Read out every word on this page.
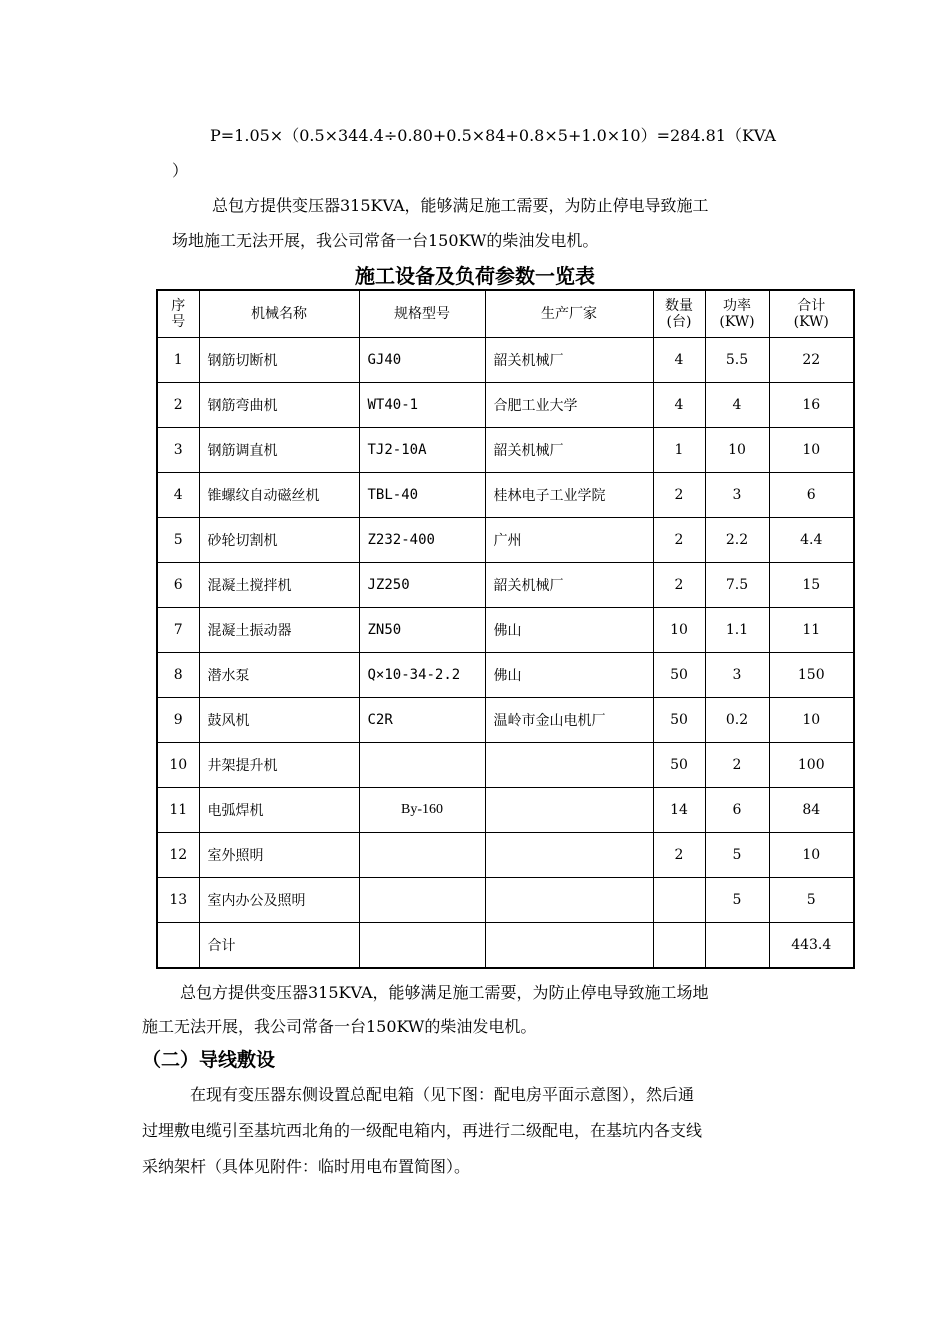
P=1.05×（0.5×344.4÷0.80+0.5×84+0.8×5+1.0×10）=284.81（KVA
）
总包方提供变压器315KVA，能够满足施工需要，为防止停电导致施工
场地施工无法开展，我公司常备一台150KW的柴油发电机。
施工设备及负荷参数一览表
序号	机械名称	规格型号	生产厂家	数量(台)	功率(KW)	合计(KW)
1	钢筋切断机	GJ40	韶关机械厂	4	5.5	22
2	钢筋弯曲机	WT40-1	合肥工业大学	4	4	16
3	钢筋调直机	TJ2-10A	韶关机械厂	1	10	10
4	锥螺纹自动磁丝机	TBL-40	桂林电子工业学院	2	3	6
5	砂轮切割机	Z232-400	广州	2	2.2	4.4
6	混凝土搅拌机	JZ250	韶关机械厂	2	7.5	15
7	混凝土振动器	ZN50	佛山	10	1.1	11
8	潜水泵	Q×10-34-2.2	佛山	50	3	150
9	鼓风机	C2R	温岭市金山电机厂	50	0.2	10
10	井架提升机			50	2	100
11	电弧焊机	By-160		14	6	84
12	室外照明			2	5	10
13	室内办公及照明				5	5
	合计					443.4
总包方提供变压器315KVA，能够满足施工需要，为防止停电导致施工场地
施工无法开展，我公司常备一台150KW的柴油发电机。
（二）导线敷设
在现有变压器东侧设置总配电箱（见下图：配电房平面示意图），然后通
过埋敷电缆引至基坑西北角的一级配电箱内，再进行二级配电，在基坑内各支线
采纳架杆（具体见附件：临时用电布置简图）。
